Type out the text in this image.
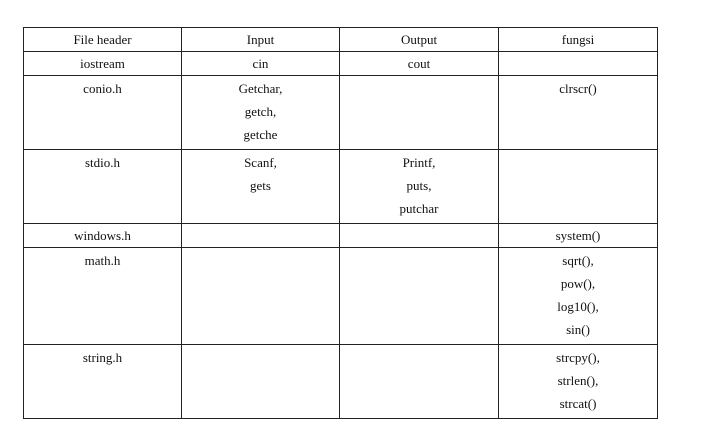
File header	Input	Output	fungsi

iostream	cin	cout	

conio.h	Getchar,
getch,
getche		clrscr()

stdio.h	Scanf,
gets	Printf,
puts,
putchar	

windows.h			system()

math.h			sqrt(),
pow(),
log10(),
sin()

string.h			strcpy(),
strlen(),
strcat()
